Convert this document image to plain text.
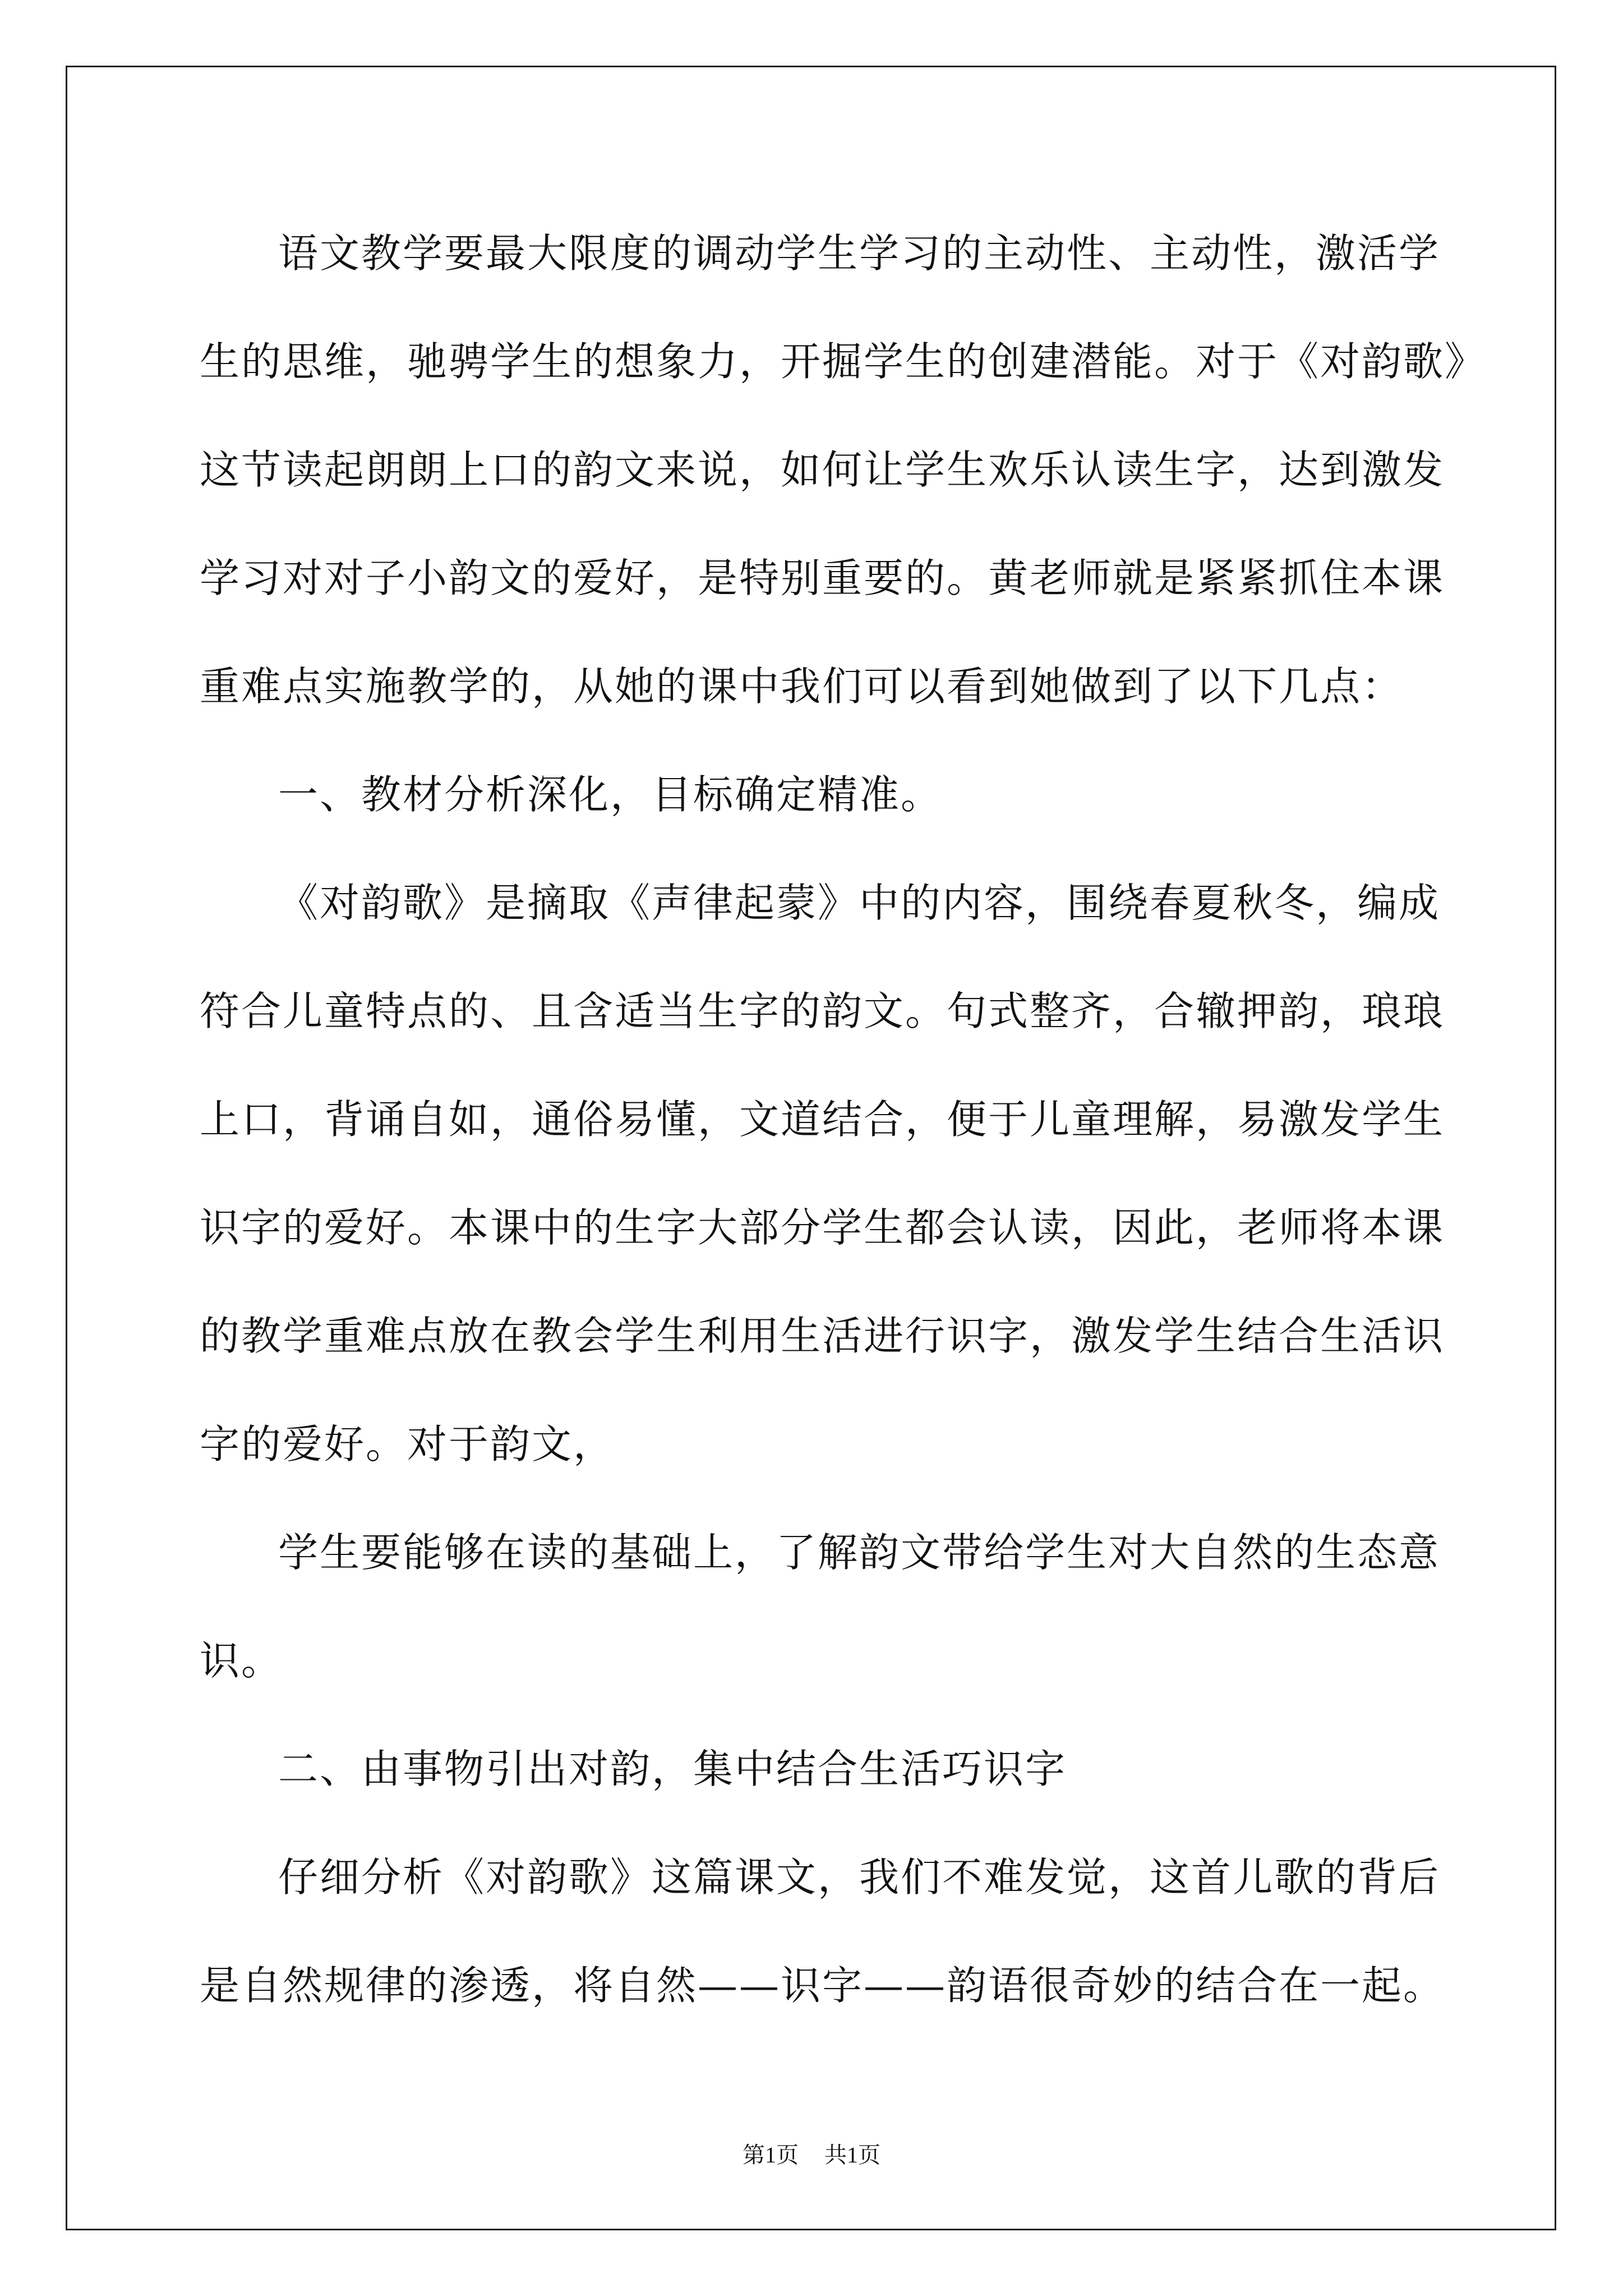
语文教学要最大限度的调动学生学习的主动性、主动性，激活学
生的思维，驰骋学生的想象力，开掘学生的创建潜能。对于《对韵歌》
这节读起朗朗上口的韵文来说，如何让学生欢乐认读生字，达到激发
学习对对子小韵文的爱好，是特别重要的。黄老师就是紧紧抓住本课
重难点实施教学的，从她的课中我们可以看到她做到了以下几点：
一、教材分析深化，目标确定精准。
《对韵歌》是摘取《声律起蒙》中的内容，围绕春夏秋冬，编成
符合儿童特点的、且含适当生字的韵文。句式整齐，合辙押韵，琅琅
上口，背诵自如，通俗易懂，文道结合，便于儿童理解，易激发学生
识字的爱好。本课中的生字大部分学生都会认读，因此，老师将本课
的教学重难点放在教会学生利用生活进行识字，激发学生结合生活识
字的爱好。对于韵文，
学生要能够在读的基础上，了解韵文带给学生对大自然的生态意
识。
二、由事物引出对韵，集中结合生活巧识字
仔细分析《对韵歌》这篇课文，我们不难发觉，这首儿歌的背后
是自然规律的渗透，将自然——识字——韵语很奇妙的结合在一起。
第1页 共1页
